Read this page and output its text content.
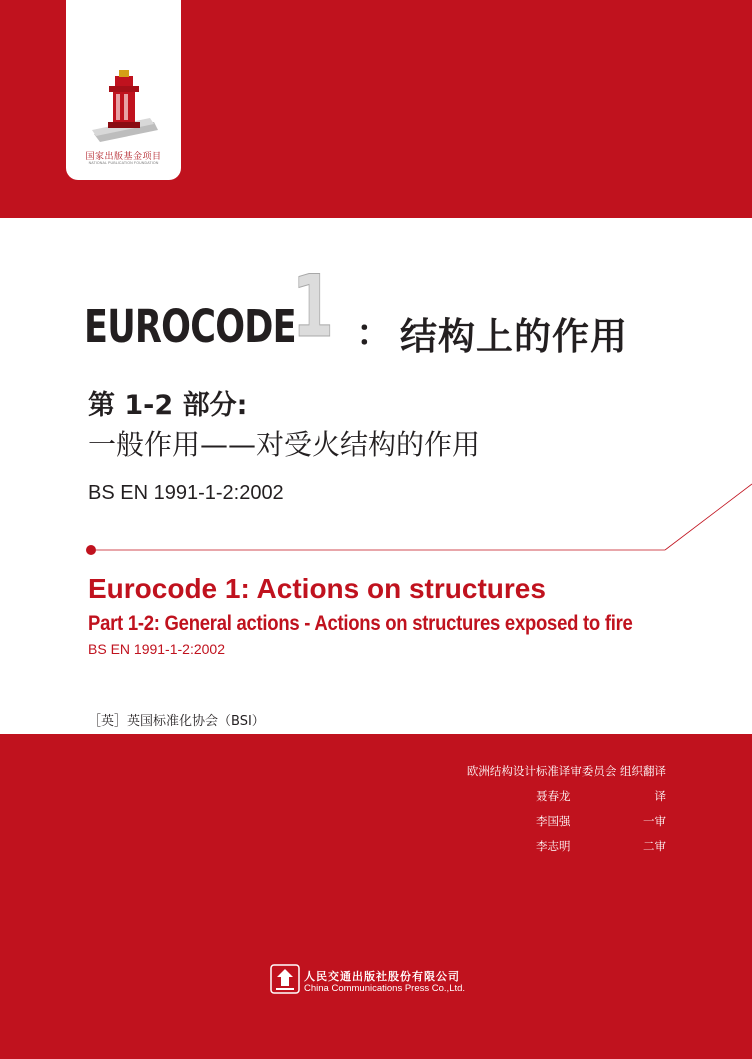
国家出版基金项目
NATIONAL PUBLICATION FOUNDATION
EUROCODE
1 ： 结构上的作用
第 1-2 部分:
一般作用——对受火结构的作用
BS EN 1991-1-2:2002
Eurocode 1: Actions on structures
Part 1-2: General actions - Actions on structures exposed to fire
BS EN 1991-1-2:2002
［英］英国标准化协会（BSI）
欧洲结构设计标准译审委员会 组织翻译
聂春龙	译
李国强	一审
李志明	二审
人民交通出版社股份有限公司
China Communications Press Co.,Ltd.
